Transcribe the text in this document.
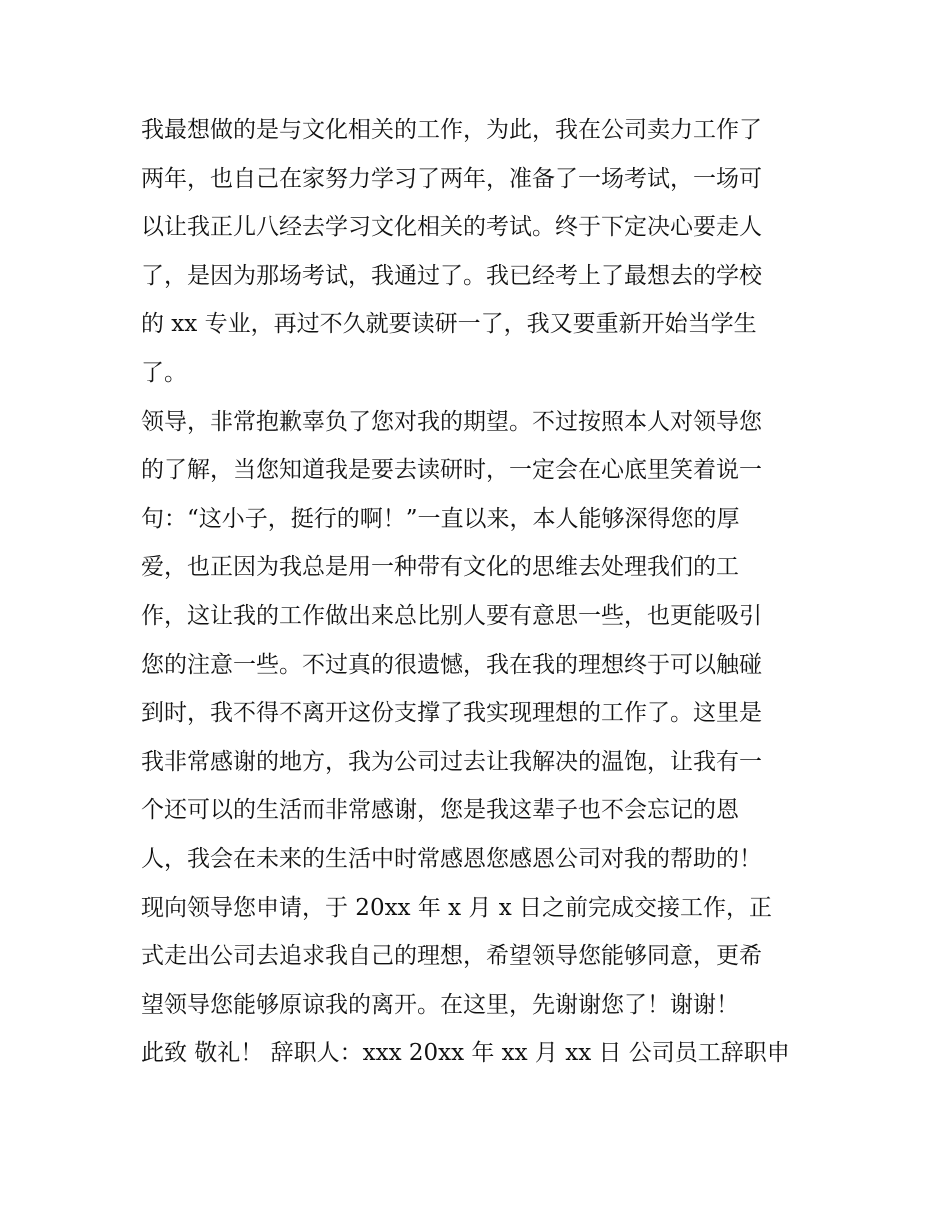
我最想做的是与文化相关的工作，为此，我在公司卖力工作了
两年，也自己在家努力学习了两年，准备了一场考试，一场可
以让我正儿八经去学习文化相关的考试。终于下定决心要走人
了，是因为那场考试，我通过了。我已经考上了最想去的学校
的 xx 专业，再过不久就要读研一了，我又要重新开始当学生
了。
领导，非常抱歉辜负了您对我的期望。不过按照本人对领导您
的了解，当您知道我是要去读研时，一定会在心底里笑着说一
句：“这小子，挺行的啊！”一直以来，本人能够深得您的厚
爱，也正因为我总是用一种带有文化的思维去处理我们的工
作，这让我的工作做出来总比别人要有意思一些，也更能吸引
您的注意一些。不过真的很遗憾，我在我的理想终于可以触碰
到时，我不得不离开这份支撑了我实现理想的工作了。这里是
我非常感谢的地方，我为公司过去让我解决的温饱，让我有一
个还可以的生活而非常感谢，您是我这辈子也不会忘记的恩
人，我会在未来的生活中时常感恩您感恩公司对我的帮助的！
现向领导您申请，于 20xx 年 x 月 x 日之前完成交接工作，正
式走出公司去追求我自己的理想，希望领导您能够同意，更希
望领导您能够原谅我的离开。在这里，先谢谢您了！谢谢！
此致 敬礼！ 辞职人：xxx 20xx 年 xx 月 xx 日 公司员工辞职申
